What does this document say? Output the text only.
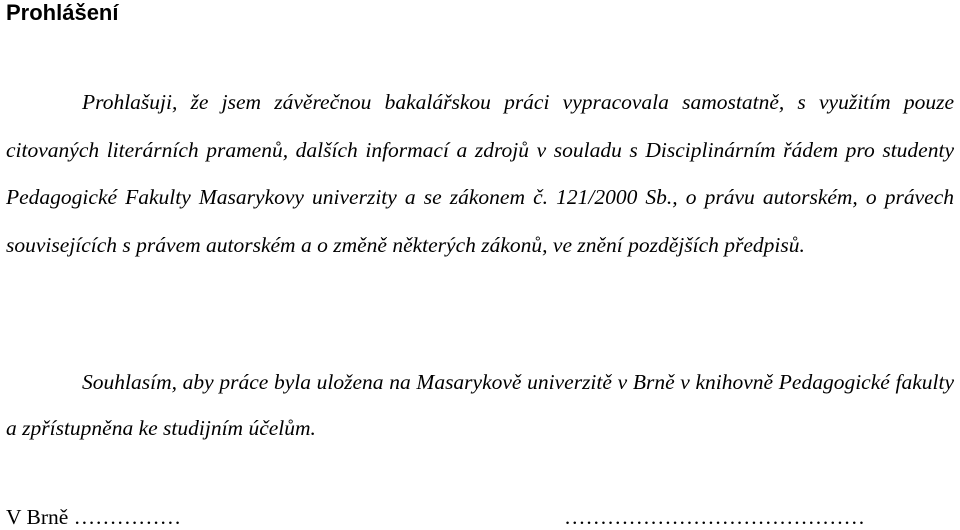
Prohlášení

Prohlašuji, že jsem závěrečnou bakalářskou práci vypracovala samostatně, s využitím pouze citovaných literárních pramenů, dalších informací a zdrojů v souladu s Disciplinárním řádem pro studenty Pedagogické Fakulty Masarykovy univerzity a se zákonem č. 121/2000 Sb., o právu autorském, o právech souvisejících s právem autorském a o změně některých zákonů, ve znění pozdějších předpisů.

Souhlasím, aby práce byla uložena na Masarykově univerzitě v Brně v knihovně Pedagogické fakulty a zpřístupněna ke studijním účelům.

V Brně ……………	……………………………………
